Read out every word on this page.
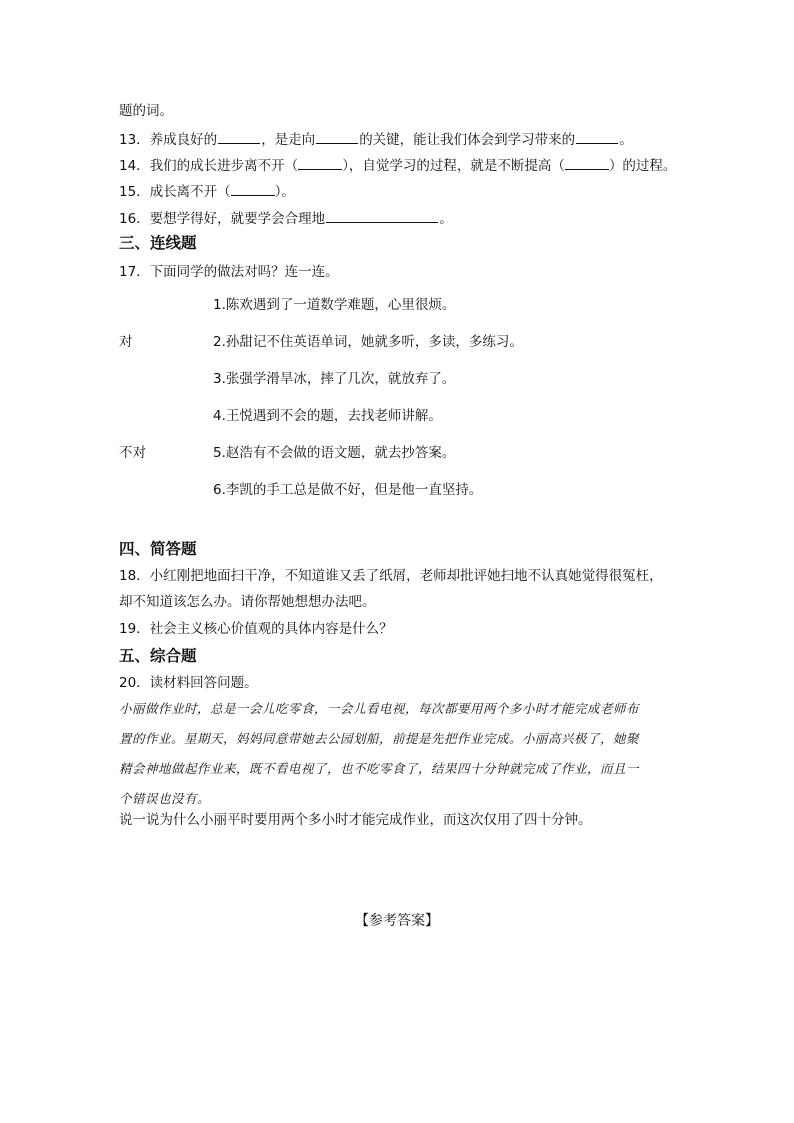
题的词。
13．养成良好的	，是走向	的关键，能让我们体会到学习带来的	。
14．我们的成长进步离不开（	），自觉学习的过程，就是不断提高（	）的过程。
15．成长离不开（	）。
16．要想学得好，就要学会合理地	。
三、连线题
17．下面同学的做法对吗？连一连。
对
不对
1.陈欢遇到了一道数学难题，心里很烦。
2.孙甜记不住英语单词，她就多听，多读，多练习。
3.张强学滑旱冰，摔了几次，就放弃了。
4.王悦遇到不会的题，去找老师讲解。
5.赵浩有不会做的语文题，就去抄答案。
6.李凯的手工总是做不好，但是他一直坚持。
四、简答题
18．小红刚把地面扫干净，不知道谁又丢了纸屑，老师却批评她扫地不认真她觉得很冤枉，
却不知道该怎么办。请你帮她想想办法吧。
19．社会主义核心价值观的具体内容是什么？
五、综合题
20．读材料回答问题。
小丽做作业时，总是一会儿吃零食，一会儿看电视，每次都要用两个多小时才能完成老师布
置的作业。星期天，妈妈同意带她去公园划船，前提是先把作业完成。小丽高兴极了，她聚
精会神地做起作业来，既不看电视了，也不吃零食了，结果四十分钟就完成了作业，而且一
个错误也没有。
说一说为什么小丽平时要用两个多小时才能完成作业，而这次仅用了四十分钟。
【参考答案】
